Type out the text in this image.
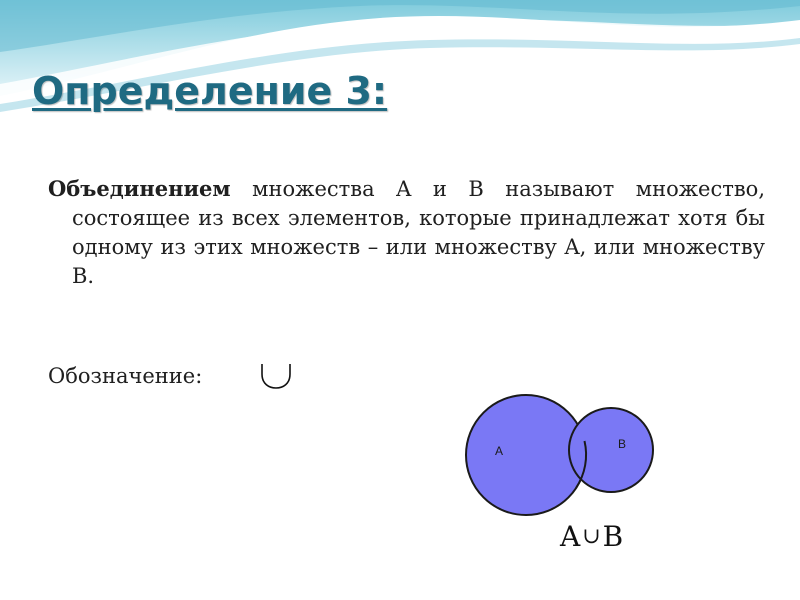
Определение 3:

Объединением множества A и B называют множество, состоящее из всех элементов, которые принадлежат хотя бы одному из этих множеств – или множеству A, или множеству B.

Обозначение:
A	B
A∪B
